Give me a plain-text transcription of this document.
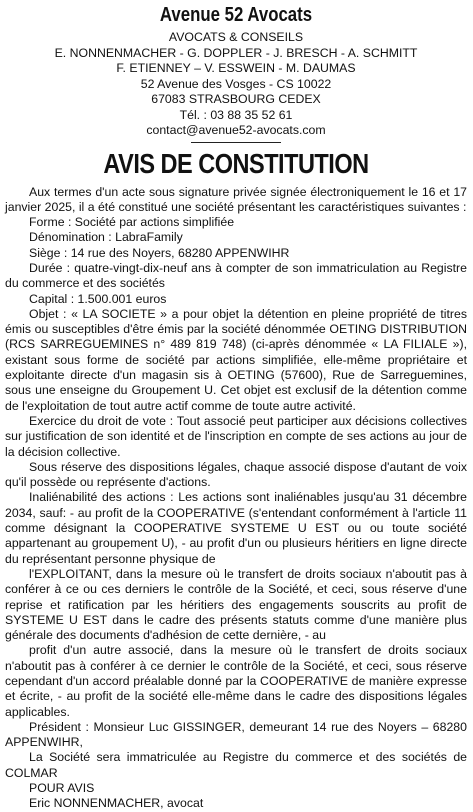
Avenue 52 Avocats
AVOCATS & CONSEILS
E. NONNENMACHER - G. DOPPLER - J. BRESCH - A. SCHMITT
F. ETIENNEY – V. ESSWEIN - M. DAUMAS
52 Avenue des Vosges - CS 10022
67083 STRASBOURG CEDEX
Tél. : 03 88 35 52 61
contact@avenue52-avocats.com
AVIS DE CONSTITUTION

Aux termes d'un acte sous signature privée signée électroniquement le 16 et 17 janvier 2025, il a été constitué une société présentant les caractéristiques suivantes :

Forme : Société par actions simplifiée

Dénomination : LabraFamily

Siège : 14 rue des Noyers, 68280 APPENWIHR

Durée : quatre-vingt-dix-neuf ans à compter de son immatriculation au Registre du commerce et des sociétés

Capital : 1.500.001 euros

Objet : « LA SOCIETE » a pour objet la détention en pleine propriété de titres émis ou susceptibles d'être émis par la société dénommée OETING DISTRIBUTION (RCS SARREGUEMINES n° 489 819 748) (ci-après dénommée « LA FILIALE »), existant sous forme de société par actions simplifiée, elle-même propriétaire et exploitante directe d'un magasin sis à OETING (57600), Rue de Sarreguemines, sous une enseigne du Groupement U. Cet objet est exclusif de la détention comme de l'exploitation de tout autre actif comme de toute autre activité.

Exercice du droit de vote : Tout associé peut participer aux décisions collectives sur justification de son identité et de l'inscription en compte de ses actions au jour de la décision collective.

Sous réserve des dispositions légales, chaque associé dispose d'autant de voix qu'il possède ou représente d'actions.

Inaliénabilité des actions : Les actions sont inaliénables jusqu'au 31 décembre 2034, sauf: - au profit de la COOPERATIVE (s'entendant conformément à l'article 11 comme désignant la COOPERATIVE SYSTEME U EST ou ou toute société appartenant au groupement U), - au profit d'un ou plusieurs héritiers en ligne directe du représentant personne physique de

l'EXPLOITANT, dans la mesure où le transfert de droits sociaux n'aboutit pas à conférer à ce ou ces derniers le contrôle de la Société, et ceci, sous réserve d'une reprise et ratification par les héritiers des engagements souscrits au profit de SYSTEME U EST dans le cadre des présents statuts comme d'une manière plus générale des documents d'adhésion de cette dernière, - au

profit d'un autre associé, dans la mesure où le transfert de droits sociaux n'aboutit pas à conférer à ce dernier le contrôle de la Société, et ceci, sous réserve cependant d'un accord préalable donné par la COOPERATIVE de manière expresse et écrite, - au profit de la société elle-même dans le cadre des dispositions légales applicables.

Président : Monsieur Luc GISSINGER, demeurant 14 rue des Noyers – 68280 APPENWIHR,

La Société sera immatriculée au Registre du commerce et des sociétés de COLMAR

POUR AVIS

Eric NONNENMACHER, avocat
